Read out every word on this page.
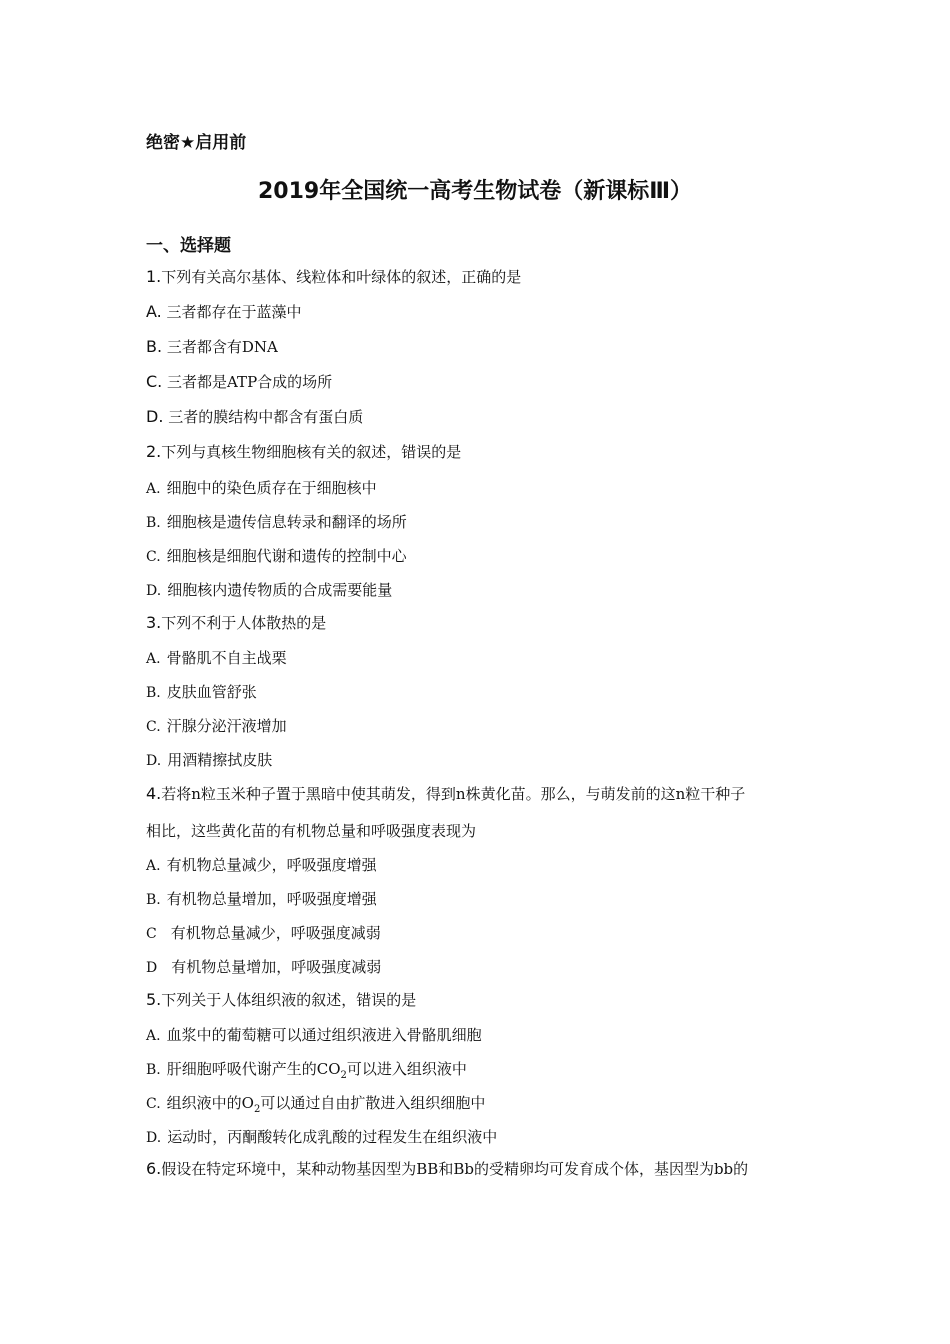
绝密★启用前
2019年全国统一高考生物试卷（新课标Ⅲ）
一、选择题
1.下列有关高尔基体、线粒体和叶绿体的叙述，正确的是
A. 三者都存在于蓝藻中
B. 三者都含有DNA
C. 三者都是ATP合成的场所
D. 三者的膜结构中都含有蛋白质
2.下列与真核生物细胞核有关的叙述，错误的是
A. 细胞中的染色质存在于细胞核中
B. 细胞核是遗传信息转录和翻译的场所
C. 细胞核是细胞代谢和遗传的控制中心
D. 细胞核内遗传物质的合成需要能量
3.下列不利于人体散热的是
A. 骨骼肌不自主战栗
B. 皮肤血管舒张
C. 汗腺分泌汗液增加
D. 用酒精擦拭皮肤
4.若将n粒玉米种子置于黑暗中使其萌发，得到n株黄化苗。那么，与萌发前的这n粒干种子
相比，这些黄化苗的有机物总量和呼吸强度表现为
A. 有机物总量减少，呼吸强度增强
B. 有机物总量增加，呼吸强度增强
C 有机物总量减少，呼吸强度减弱
D 有机物总量增加，呼吸强度减弱
5.下列关于人体组织液的叙述，错误的是
A. 血浆中的葡萄糖可以通过组织液进入骨骼肌细胞
B. 肝细胞呼吸代谢产生的$CO_2$可以进入组织液中
C. 组织液中的$O_2$可以通过自由扩散进入组织细胞中
D. 运动时，丙酮酸转化成乳酸的过程发生在组织液中
6.假设在特定环境中，某种动物基因型为BB和Bb的受精卵均可发育成个体，基因型为bb的
